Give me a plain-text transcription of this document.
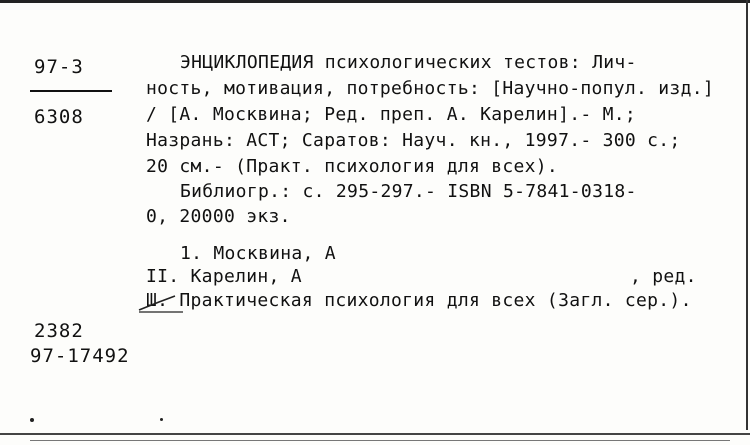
97-3
6308
ЭНЦИКЛОПЕДИЯ психологических тестов: Лич-
ность, мотивация, потребность: [Научно-попул. изд.]
/ [А. Москвина; Ред. преп. А. Карелин].- М.;
Назрань: АСТ; Саратов: Науч. кн., 1997.- 300 с.;
20 см.- (Практ. психология для всех).
Библиогр.: с. 295-297.- ISBN 5-7841-0318-
0, 20000 экз.
1. Москвина, А
II. Карелин, А	, ред.
Ш. Практическая психология для всех (Загл. сер.).
2382
97-17492
